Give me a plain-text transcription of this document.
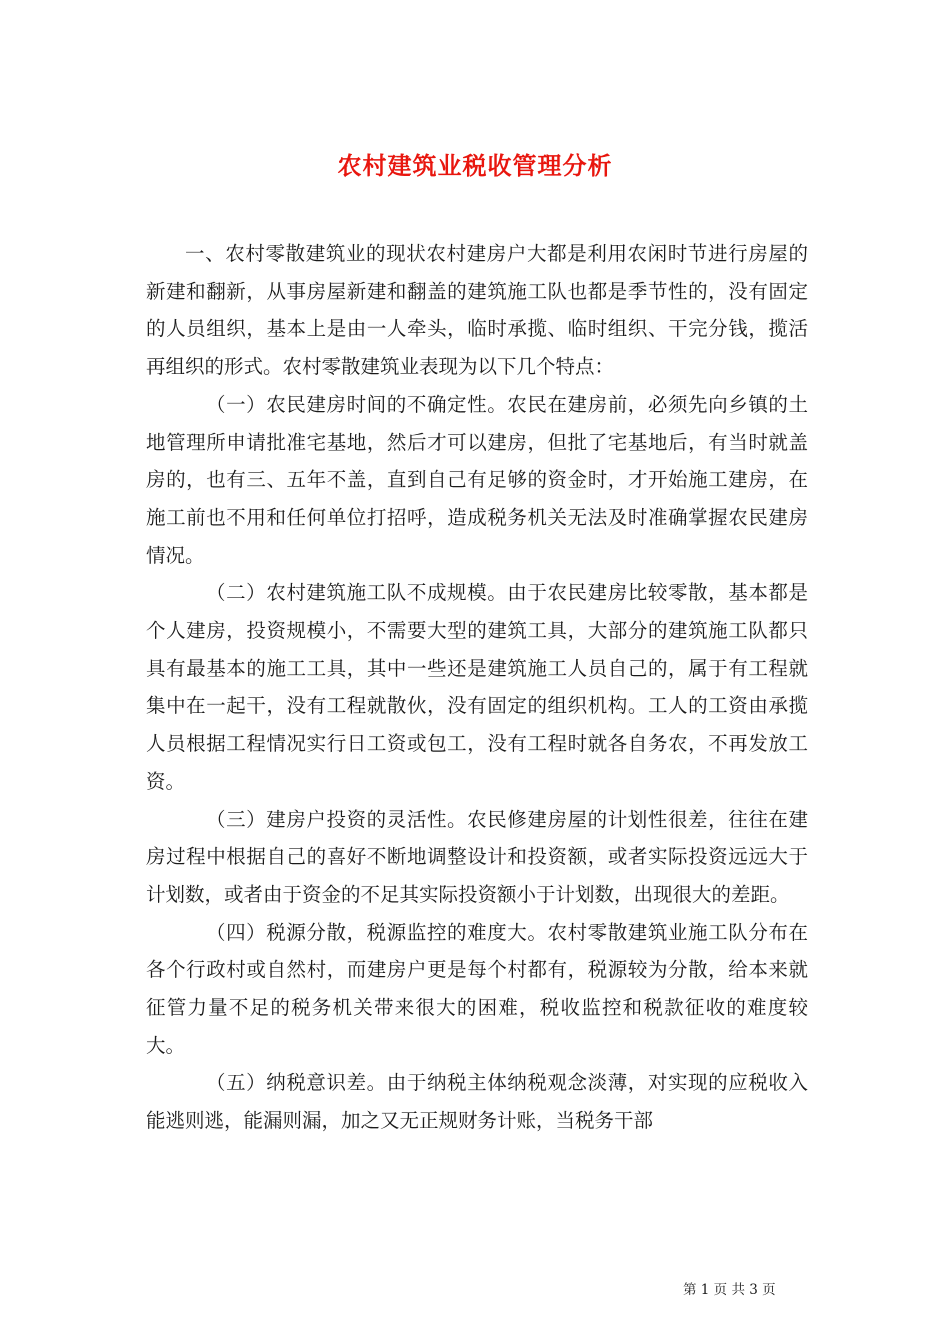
农村建筑业税收管理分析

一、农村零散建筑业的现状农村建房户大都是利用农闲时节进行房屋的新建和翻新，从事房屋新建和翻盖的建筑施工队也都是季节性的，没有固定的人员组织，基本上是由一人牵头，临时承揽、临时组织、干完分钱，揽活再组织的形式。农村零散建筑业表现为以下几个特点：

（一）农民建房时间的不确定性。农民在建房前，必须先向乡镇的土地管理所申请批准宅基地，然后才可以建房，但批了宅基地后，有当时就盖房的，也有三、五年不盖，直到自己有足够的资金时，才开始施工建房，在施工前也不用和任何单位打招呼，造成税务机关无法及时准确掌握农民建房情况。

（二）农村建筑施工队不成规模。由于农民建房比较零散，基本都是个人建房，投资规模小，不需要大型的建筑工具，大部分的建筑施工队都只具有最基本的施工工具，其中一些还是建筑施工人员自己的，属于有工程就集中在一起干，没有工程就散伙，没有固定的组织机构。工人的工资由承揽人员根据工程情况实行日工资或包工，没有工程时就各自务农，不再发放工资。

（三）建房户投资的灵活性。农民修建房屋的计划性很差，往往在建房过程中根据自己的喜好不断地调整设计和投资额，或者实际投资远远大于计划数，或者由于资金的不足其实际投资额小于计划数，出现很大的差距。

（四）税源分散，税源监控的难度大。农村零散建筑业施工队分布在各个行政村或自然村，而建房户更是每个村都有，税源较为分散，给本来就征管力量不足的税务机关带来很大的困难，税收监控和税款征收的难度较大。

（五）纳税意识差。由于纳税主体纳税观念淡薄，对实现的应税收入能逃则逃，能漏则漏，加之又无正规财务计账，当税务干部

第 1 页 共 3 页
